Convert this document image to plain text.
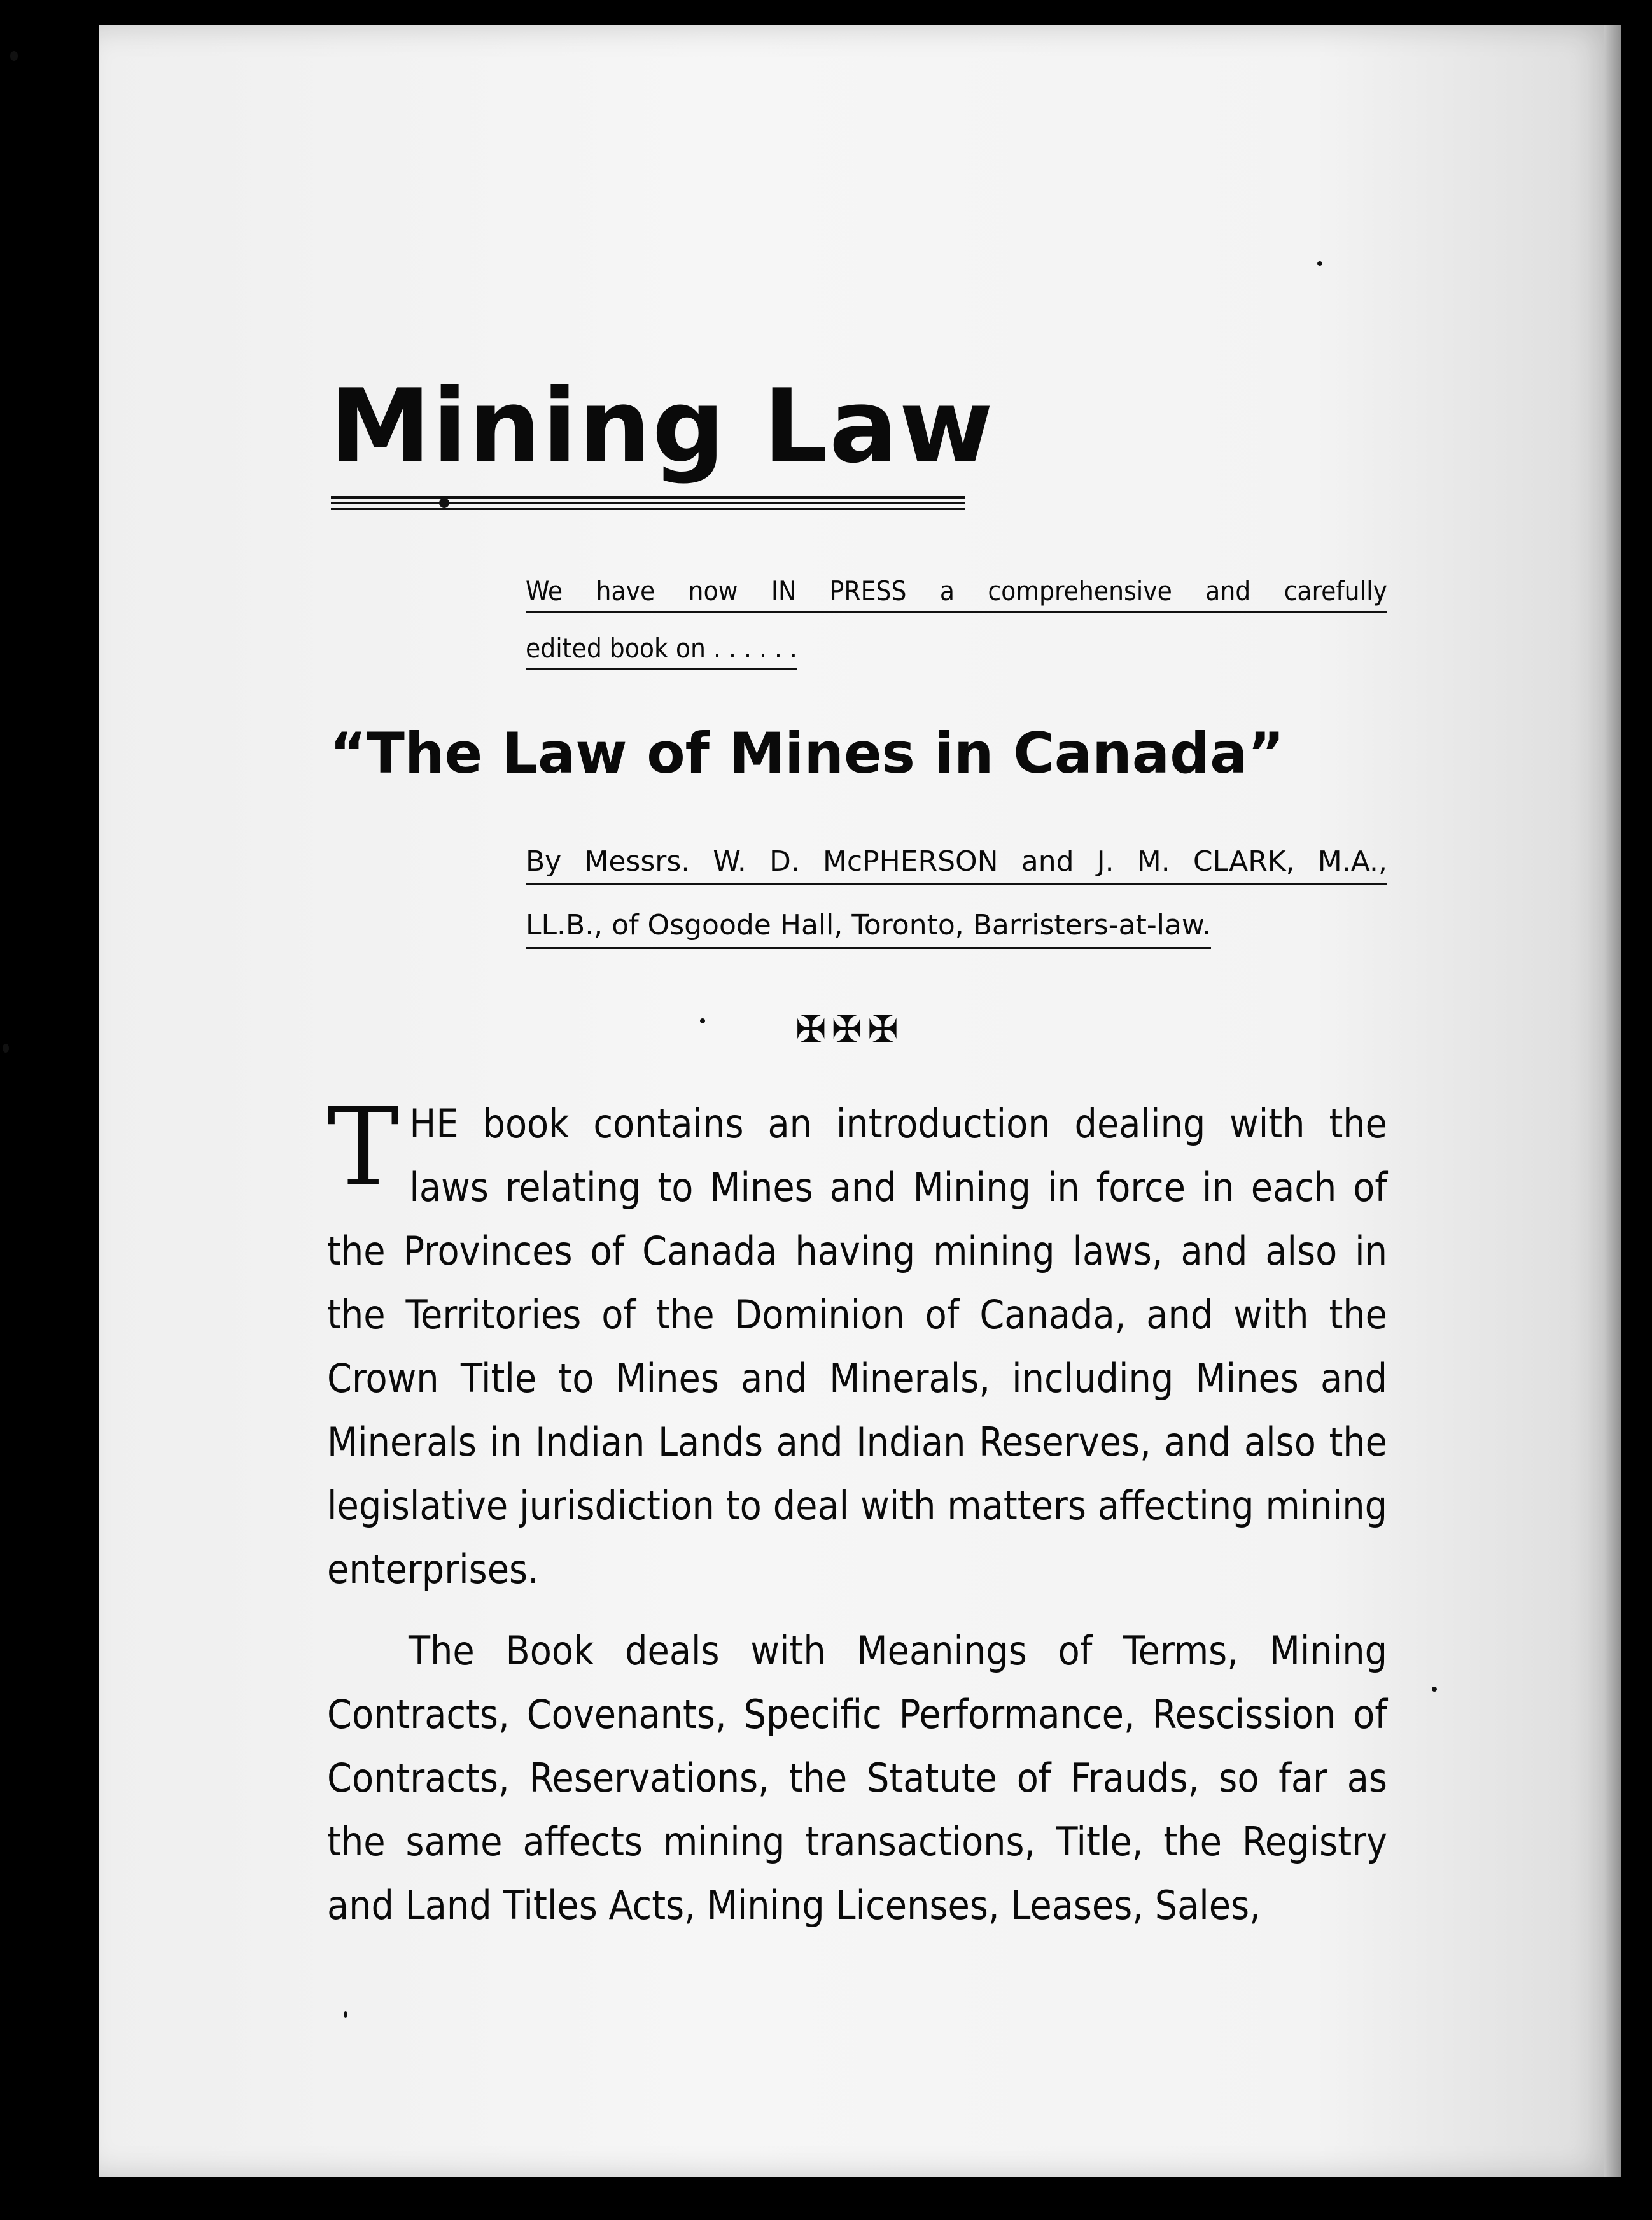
Mining Law
We have now IN PRESS a comprehensive and carefully
edited book on . . . . . .
“The Law of Mines in Canada”
By Messrs. W. D. McPHERSON and J. M. CLARK, M.A.,
LL.B., of Osgoode Hall, Toronto, Barristers-at-law.
✠✠✠

THE book contains an introduction dealing with the laws relating to Mines and Mining in force in each of the Provinces of Canada having mining laws, and also in the Territories of the Dominion of Canada, and with the Crown Title to Mines and Minerals, including Mines and Minerals in Indian Lands and Indian Reserves, and also the legislative jurisdiction to deal with matters affecting mining enterprises.

The Book deals with Meanings of Terms, Mining Contracts, Covenants, Specific Performance, Rescission of Contracts, Reservations, the Statute of Frauds, so far as the same affects mining transactions, Title, the Registry and Land Titles Acts, Mining Licenses, Leases, Sales,
